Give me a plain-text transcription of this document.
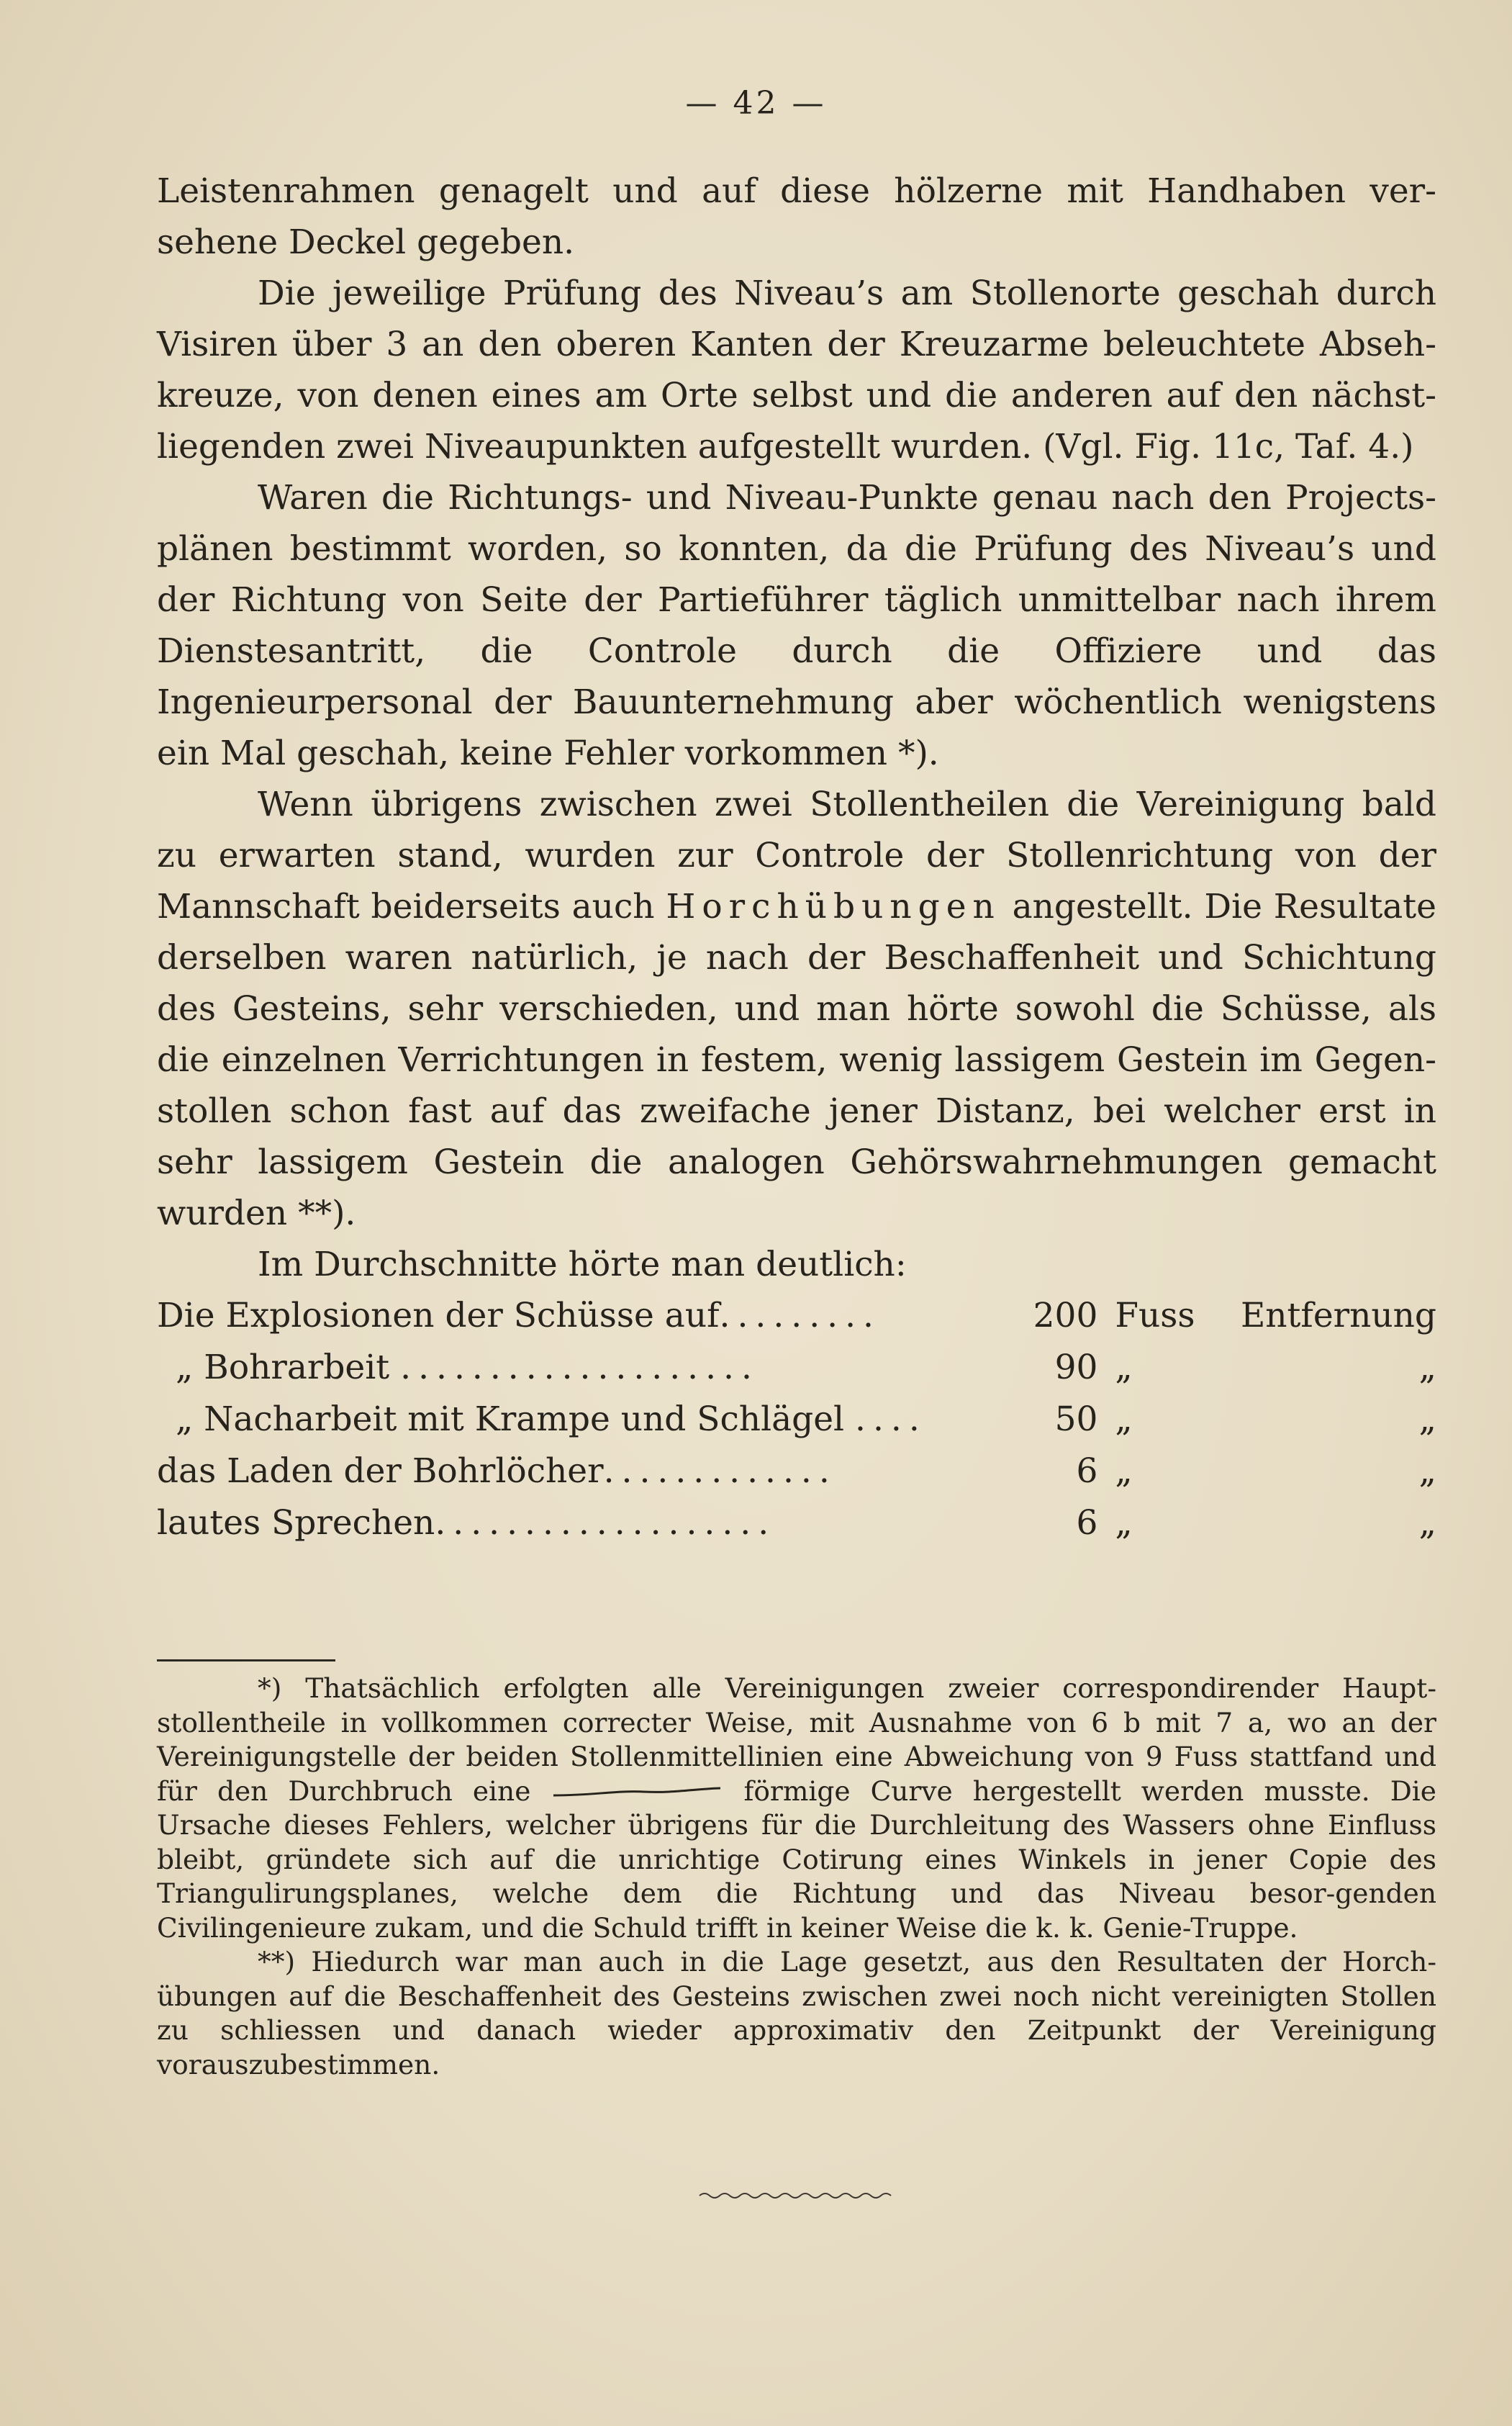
— 42 —

Leistenrahmen genagelt und auf diese hölzerne mit Handhaben ver-sehene Deckel gegeben.

Die jeweilige Prüfung des Niveau’s am Stollenorte geschah durch Visiren über 3 an den oberen Kanten der Kreuzarme beleuchtete Abseh-kreuze, von denen eines am Orte selbst und die anderen auf den nächst-liegenden zwei Niveaupunkten aufgestellt wurden. (Vgl. Fig. 11c, Taf. 4.)

Waren die Richtungs- und Niveau-Punkte genau nach den Projects-plänen bestimmt worden, so konnten, da die Prüfung des Niveau’s und der Richtung von Seite der Partieführer täglich unmittelbar nach ihrem Dienstesantritt, die Controle durch die Offiziere und das Ingenieurpersonal der Bauunternehmung aber wöchentlich wenigstens ein Mal geschah, keine Fehler vorkommen *).

Wenn übrigens zwischen zwei Stollentheilen die Vereinigung bald zu erwarten stand, wurden zur Controle der Stollenrichtung von der Mannschaft beiderseits auch Horchübungen angestellt. Die Resultate derselben waren natürlich, je nach der Beschaffenheit und Schichtung des Gesteins, sehr verschieden, und man hörte sowohl die Schüsse, als die einzelnen Verrichtungen in festem, wenig lassigem Gestein im Gegen-stollen schon fast auf das zweifache jener Distanz, bei welcher erst in sehr lassigem Gestein die analogen Gehörswahrnehmungen gemacht wurden **).

Im Durchschnitte hörte man deutlich:

Die Explosionen der Schüsse auf.........	200	Fuss	Entfernung
„ Bohrarbeit ....................	90	„	„
„ Nacharbeit mit Krampe und Schlägel ....	50	„	„
das Laden der Bohrlöcher.............	6	„	„
lautes Sprechen...................	6	„	„

*) Thatsächlich erfolgten alle Vereinigungen zweier correspondirender Haupt-stollentheile in vollkommen correcter Weise, mit Ausnahme von 6 b mit 7 a, wo an der Vereinigungstelle der beiden Stollenmittellinien eine Abweichung von 9 Fuss stattfand und für den Durchbruch eine	förmige Curve hergestellt werden musste. Die Ursache dieses Fehlers, welcher übrigens für die Durchleitung des Wassers ohne Einfluss bleibt, gründete sich auf die unrichtige Cotirung eines Winkels in jener Copie des Triangulirungsplanes, welche dem die Richtung und das Niveau besor-genden Civilingenieure zukam, und die Schuld trifft in keiner Weise die k. k. Genie-Truppe.

**) Hiedurch war man auch in die Lage gesetzt, aus den Resultaten der Horch-übungen auf die Beschaffenheit des Gesteins zwischen zwei noch nicht vereinigten Stollen zu schliessen und danach wieder approximativ den Zeitpunkt der Vereinigung vorauszubestimmen.
